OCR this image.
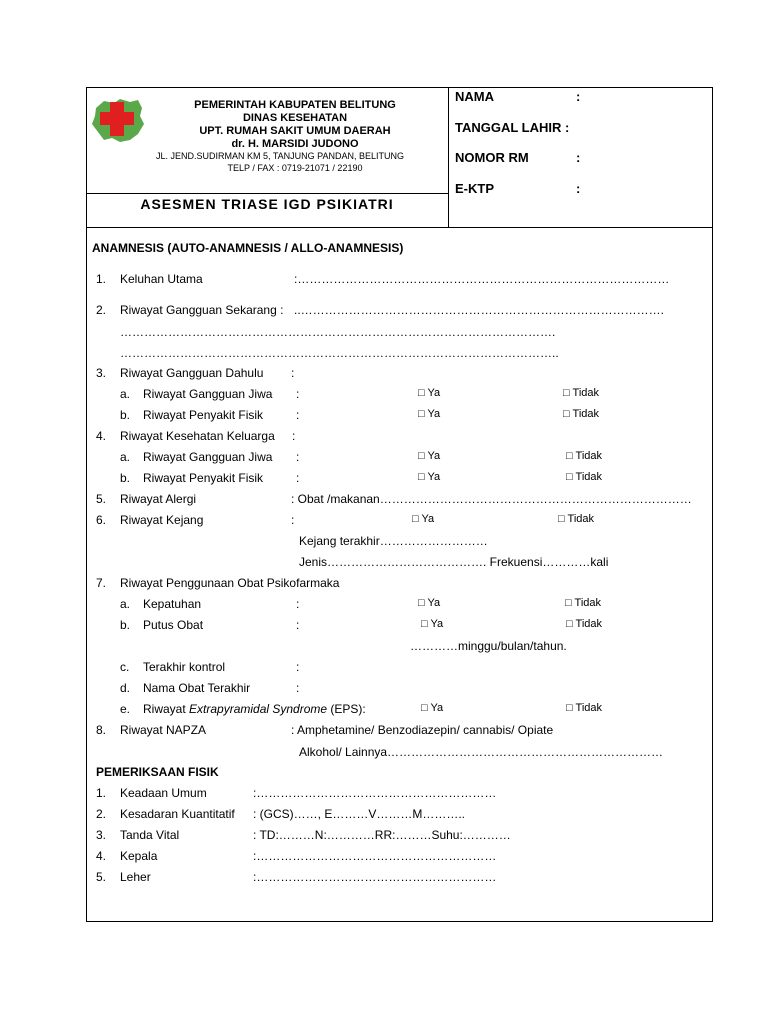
PEMERINTAH KABUPATEN BELITUNG
DINAS KESEHATAN
UPT. RUMAH SAKIT UMUM DAERAH
dr. H. MARSIDI JUDONO
JL. JEND.SUDIRMAN KM 5, TANJUNG PANDAN, BELITUNG
TELP / FAX : 0719-21071 / 22190
ASESMEN TRIASE IGD PSIKIATRI
NAMA	:
TANGGAL LAHIR :
NOMOR RM	:
E-KTP	:
ANAMNESIS (AUTO-ANAMNESIS / ALLO-ANAMNESIS)
1. Keluhan Utama	:…………………………………………………………………………………
2. Riwayat Gangguan Sekarang : ..……………………………………………………………………………….
……………………………………………………………………………………………….
………………………………………………………………………………………………..
3. Riwayat Gangguan Dahulu :
a. Riwayat Gangguan Jiwa :	□ Ya	□ Tidak
b. Riwayat Penyakit Fisik	:	□ Ya	□ Tidak
4. Riwayat Kesehatan Keluarga :
a. Riwayat Gangguan Jiwa :	□ Ya	□ Tidak
b. Riwayat Penyakit Fisik	:	□ Ya	□ Tidak
5. Riwayat Alergi	: Obat /makanan……………………………………………………………………
6. Riwayat Kejang	:	□ Ya	□ Tidak
Kejang terakhir………………………
Jenis…………………………………. Frekuensi…………kali
7. Riwayat Penggunaan Obat Psikofarmaka
a. Kepatuhan	:	□ Ya	□ Tidak
b. Putus Obat	:	□ Ya	□ Tidak
…………minggu/bulan/tahun.
c. Terakhir kontrol	:
d. Nama Obat Terakhir	:
e. Riwayat Extrapyramidal Syndrome (EPS):	□ Ya	□ Tidak
8. Riwayat NAPZA	: Amphetamine/ Benzodiazepin/ cannabis/ Opiate
Alkohol/ Lainnya……………………………………………………………
PEMERIKSAAN FISIK
1. Keadaan Umum	:……………………………………………………
2. Kesadaran Kuantitatif : (GCS)……, E………V………M………..
3. Tanda Vital	: TD:………N:…………RR:………Suhu:…………
4. Kepala	:……………………………………………………
5. Leher	:……………………………………………………
